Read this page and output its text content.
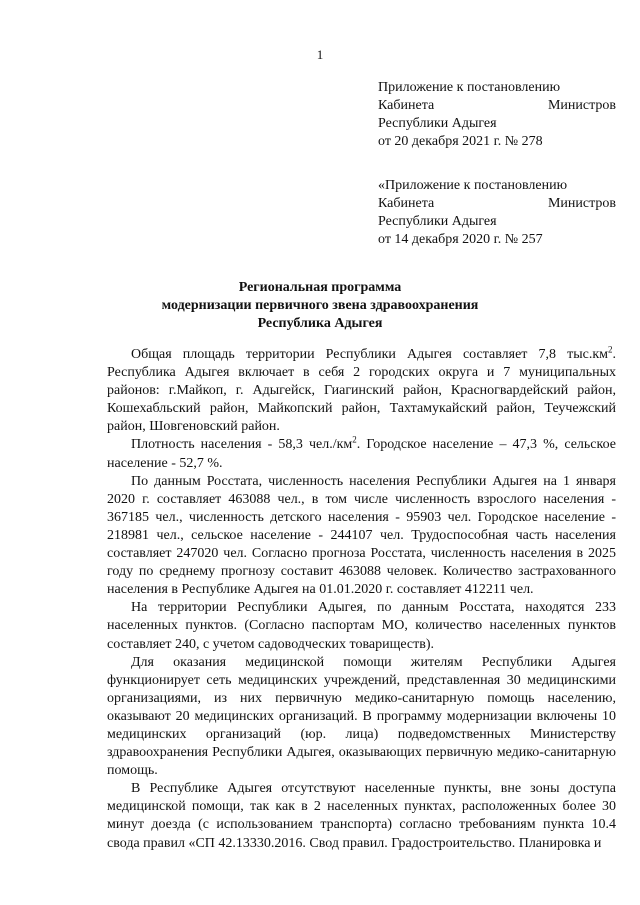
1
Приложение к постановлению
Кабинета	Министров
Республики Адыгея
от 20 декабря 2021 г. № 278
«Приложение к постановлению
Кабинета	Министров
Республики Адыгея
от 14 декабря 2020 г. № 257
Региональная программа
модернизации первичного звена здравоохранения
Республика Адыгея

Общая площадь территории Республики Адыгея составляет 7,8 $тыс.км^2$. Республика Адыгея включает в себя 2 городских округа и 7 муниципальных районов: г.Майкоп, г. Адыгейск, Гиагинский район, Красногвардейский район, Кошехабльский район, Майкопский район, Тахтамукайский район, Теучежский район, Шовгеновский район.

Плотность населения - 58,3 $чел./км^2$. Городское население – 47,3 %, сельское население - 52,7 %.

По данным Росстата, численность населения Республики Адыгея на 1 января 2020 г. составляет 463088 чел., в том числе численность взрослого населения - 367185 чел., численность детского населения - 95903 чел. Городское население - 218981 чел., сельское население - 244107 чел. Трудоспособная часть населения составляет 247020 чел. Согласно прогноза Росстата, численность населения в 2025 году по среднему прогнозу составит 463088 человек. Количество застрахованного населения в Республике Адыгея на 01.01.2020 г. составляет 412211 чел.

На территории Республики Адыгея, по данным Росстата, находятся 233 населенных пунктов. (Согласно паспортам МО, количество населенных пунктов составляет 240, с учетом садоводческих товариществ).

Для оказания медицинской помощи жителям Республики Адыгея функционирует сеть медицинских учреждений, представленная 30 медицинскими организациями, из них первичную медико-санитарную помощь населению, оказывают 20 медицинских организаций. В программу модернизации включены 10 медицинских организаций (юр. лица) подведомственных Министерству здравоохранения Республики Адыгея, оказывающих первичную медико-санитарную помощь.

В Республике Адыгея отсутствуют населенные пункты, вне зоны доступа медицинской помощи, так как в 2 населенных пунктах, расположенных более 30 минут доезда (с использованием транспорта) согласно требованиям пункта 10.4 свода правил «СП 42.13330.2016. Свод правил. Градостроительство. Планировка и
